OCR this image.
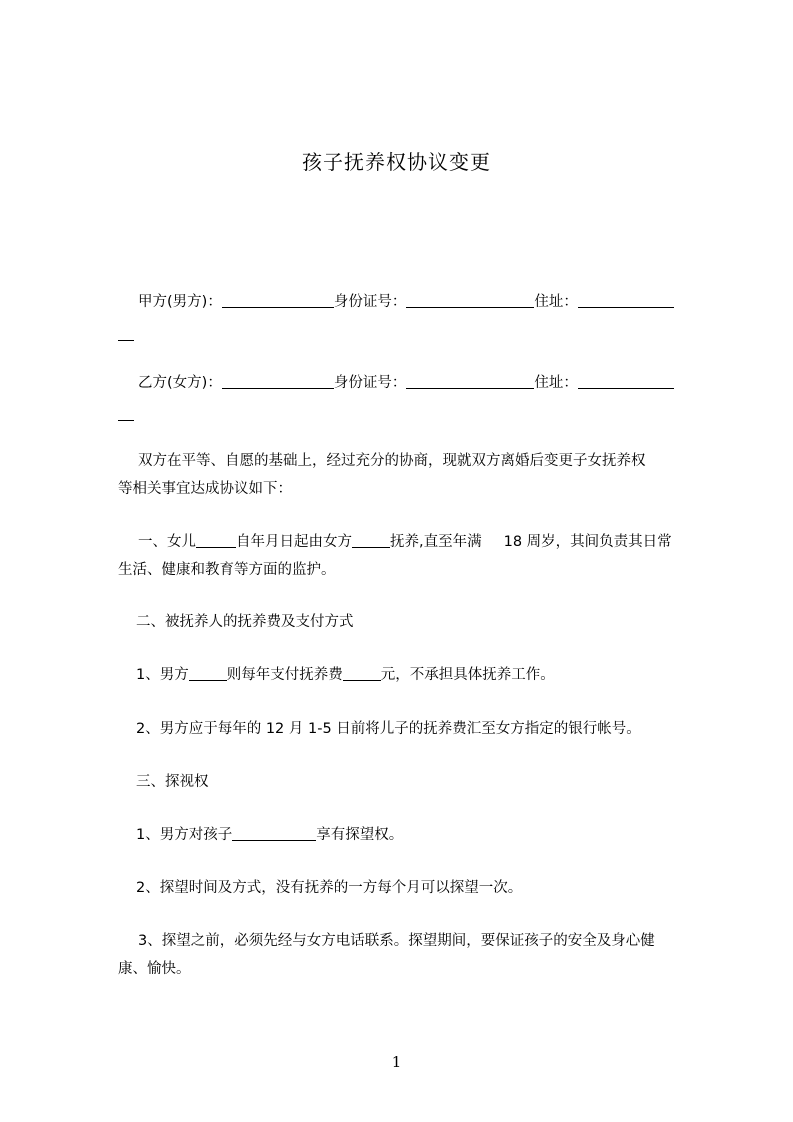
孩子抚养权协议变更
甲方(男方)：	身份证号：	住址：
乙方(女方)：	身份证号：	住址：
双方在平等、自愿的基础上，经过充分的协商，现就双方离婚后变更子女抚养权
等相关事宜达成协议如下：
一、女儿	自年月日起由女方	抚养,直至年满 18 周岁，其间负责其日常
生活、健康和教育等方面的监护。
二、被抚养人的抚养费及支付方式
1、男方	则每年支付抚养费	元，不承担具体抚养工作。
2、男方应于每年的 12 月 1-5 日前将儿子的抚养费汇至女方指定的银行帐号。
三、探视权
1、男方对孩子	享有探望权。
2、探望时间及方式，没有抚养的一方每个月可以探望一次。
3、探望之前，必须先经与女方电话联系。探望期间，要保证孩子的安全及身心健
康、愉快。
1
